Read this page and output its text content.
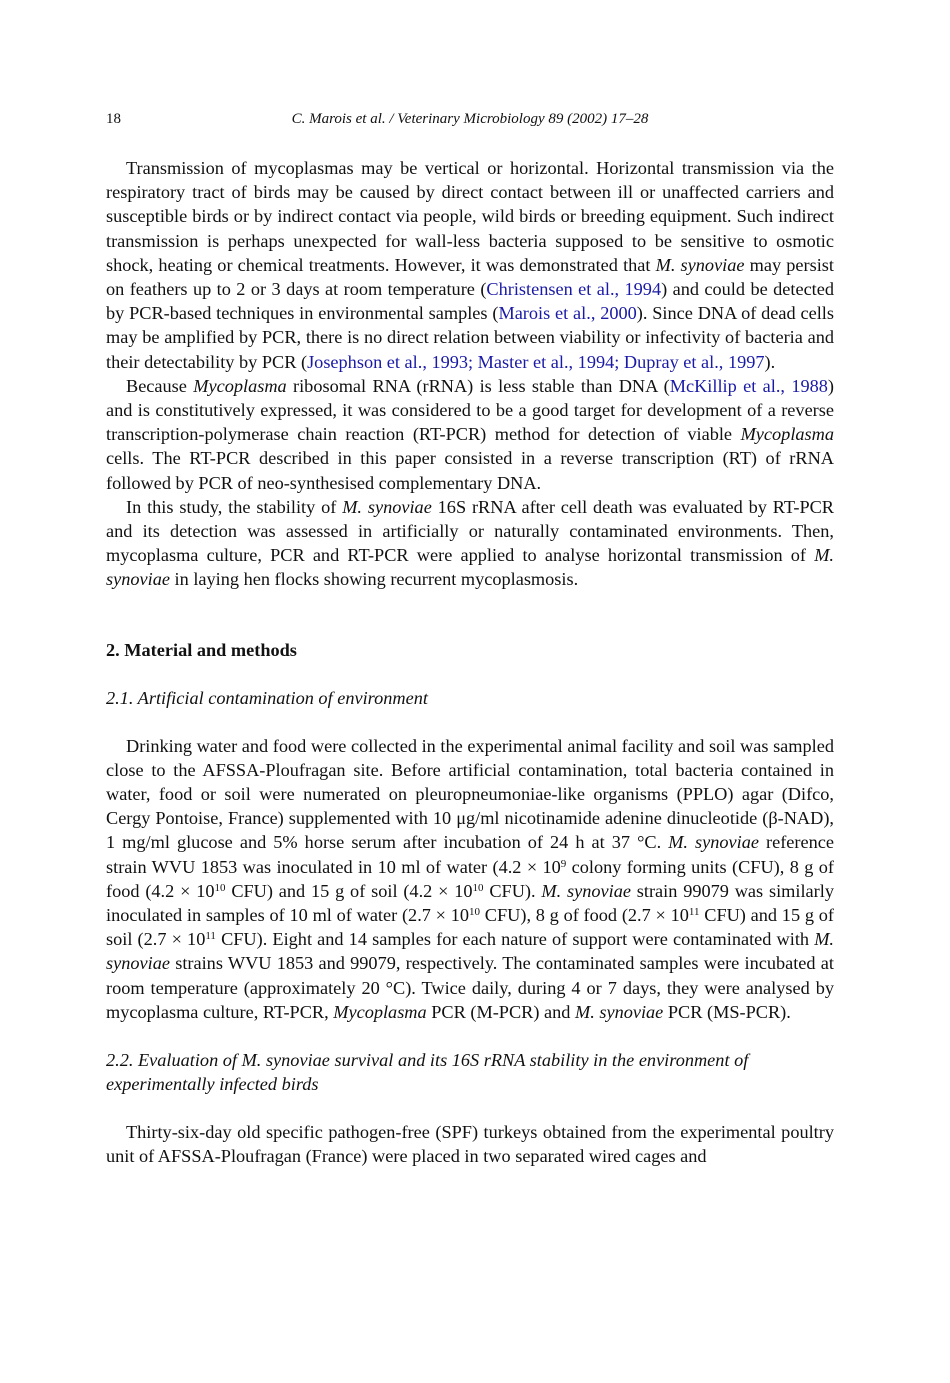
18	C. Marois et al. / Veterinary Microbiology 89 (2002) 17–28

Transmission of mycoplasmas may be vertical or horizontal. Horizontal transmission via the respiratory tract of birds may be caused by direct contact between ill or unaffected carriers and susceptible birds or by indirect contact via people, wild birds or breeding equipment. Such indirect transmission is perhaps unexpected for wall-less bacteria supposed to be sensitive to osmotic shock, heating or chemical treatments. However, it was demonstrated that M. synoviae may persist on feathers up to 2 or 3 days at room temperature (Christensen et al., 1994) and could be detected by PCR-based techniques in environmental samples (Marois et al., 2000). Since DNA of dead cells may be amplified by PCR, there is no direct relation between viability or infectivity of bacteria and their detectability by PCR (Josephson et al., 1993; Master et al., 1994; Dupray et al., 1997).

Because Mycoplasma ribosomal RNA (rRNA) is less stable than DNA (McKillip et al., 1988) and is constitutively expressed, it was considered to be a good target for development of a reverse transcription-polymerase chain reaction (RT-PCR) method for detection of viable Mycoplasma cells. The RT-PCR described in this paper consisted in a reverse transcription (RT) of rRNA followed by PCR of neo-synthesised complementary DNA.

In this study, the stability of M. synoviae 16S rRNA after cell death was evaluated by RT-PCR and its detection was assessed in artificially or naturally contaminated environments. Then, mycoplasma culture, PCR and RT-PCR were applied to analyse horizontal transmission of M. synoviae in laying hen flocks showing recurrent mycoplasmosis.

2. Material and methods
2.1. Artificial contamination of environment

Drinking water and food were collected in the experimental animal facility and soil was sampled close to the AFSSA-Ploufragan site. Before artificial contamination, total bacteria contained in water, food or soil were numerated on pleuropneumoniae-like organisms (PPLO) agar (Difco, Cergy Pontoise, France) supplemented with 10 μg/ml nicotinamide adenine dinucleotide (β-NAD), 1 mg/ml glucose and 5% horse serum after incubation of 24 h at 37 °C. M. synoviae reference strain WVU 1853 was inoculated in 10 ml of water ($4.2 \times 10^9$ colony forming units (CFU), 8 g of food ($4.2 \times 10^{10}$ CFU) and 15 g of soil ($4.2 \times 10^{10}$ CFU). M. synoviae strain 99079 was similarly inoculated in samples of 10 ml of water ($2.7 \times 10^{10}$ CFU), 8 g of food ($2.7 \times 10^{11}$ CFU) and 15 g of soil ($2.7 \times 10^{11}$ CFU). Eight and 14 samples for each nature of support were contaminated with M. synoviae strains WVU 1853 and 99079, respectively. The contaminated samples were incubated at room temperature (approximately 20 °C). Twice daily, during 4 or 7 days, they were analysed by mycoplasma culture, RT-PCR, Mycoplasma PCR (M-PCR) and M. synoviae PCR (MS-PCR).

2.2. Evaluation of M. synoviae survival and its 16S rRNA stability in the environment of experimentally infected birds

Thirty-six-day old specific pathogen-free (SPF) turkeys obtained from the experimental poultry unit of AFSSA-Ploufragan (France) were placed in two separated wired cages and
